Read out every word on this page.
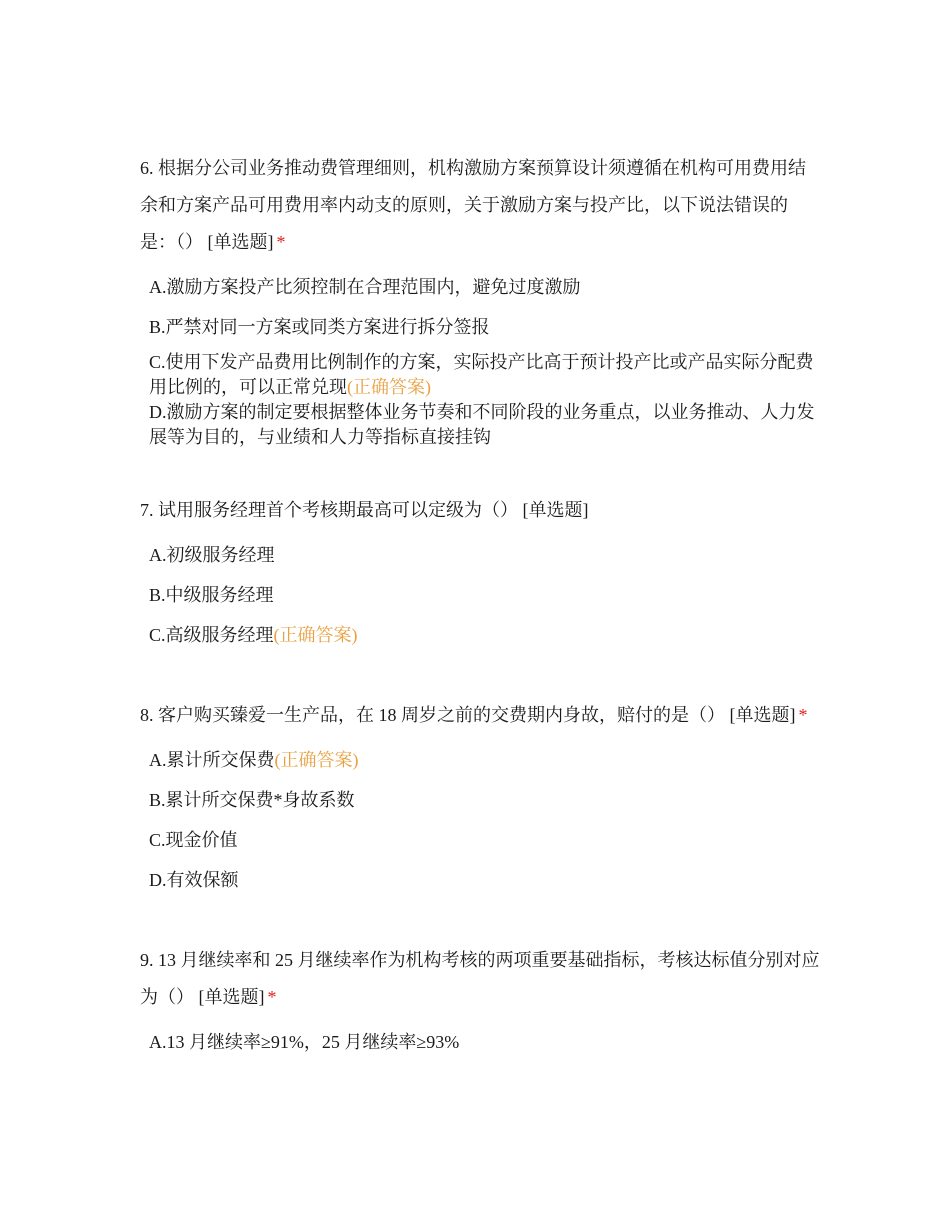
6. 根据分公司业务推动费管理细则，机构激励方案预算设计须遵循在机构可用费用结余和方案产品可用费用率内动支的原则，关于激励方案与投产比，以下说法错误的是：（） [单选题] *

A.激励方案投产比须控制在合理范围内，避免过度激励

B.严禁对同一方案或同类方案进行拆分签报

C.使用下发产品费用比例制作的方案，实际投产比高于预计投产比或产品实际分配费用比例的，可以正常兑现(正确答案)

D.激励方案的制定要根据整体业务节奏和不同阶段的业务重点，以业务推动、人力发展等为目的，与业绩和人力等指标直接挂钩

7. 试用服务经理首个考核期最高可以定级为（） [单选题]

A.初级服务经理

B.中级服务经理

C.高级服务经理(正确答案)

8. 客户购买臻爱一生产品，在 18 周岁之前的交费期内身故，赔付的是（） [单选题] *

A.累计所交保费(正确答案)

B.累计所交保费*身故系数

C.现金价值

D.有效保额

9. 13 月继续率和 25 月继续率作为机构考核的两项重要基础指标，考核达标值分别对应为（） [单选题] *

A.13 月继续率≥91%，25 月继续率≥93%
